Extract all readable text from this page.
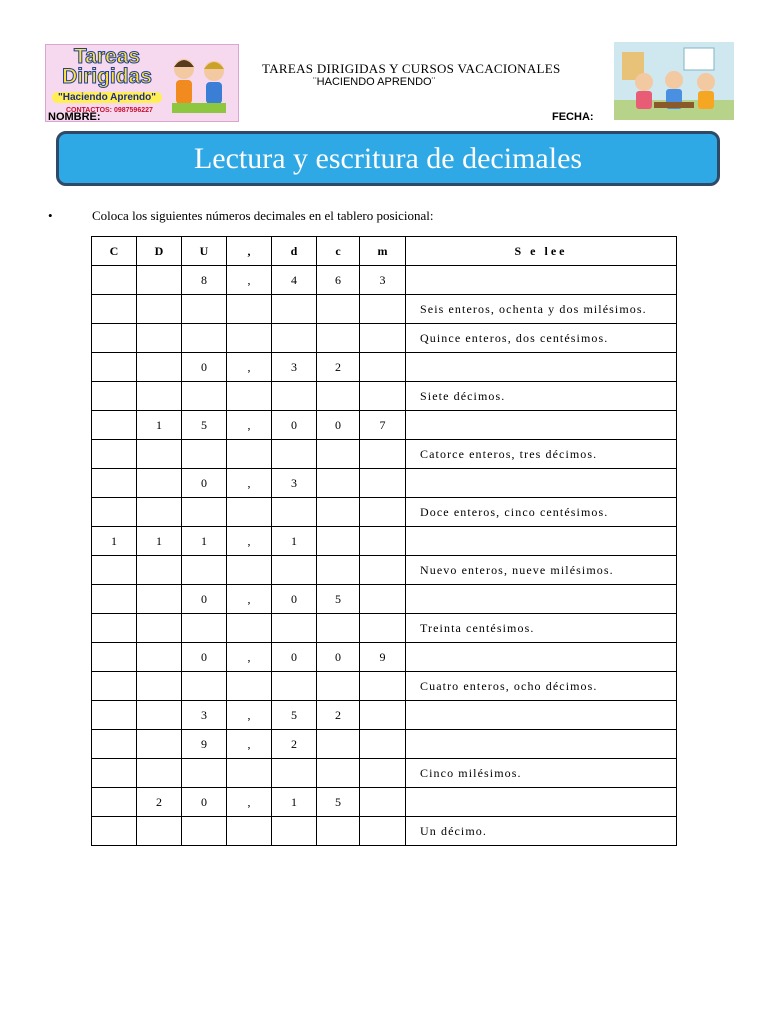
Tareas
Dirigidas
"Haciendo Aprendo"
CONTACTOS: 0987596227
TAREAS DIRIGIDAS Y CURSOS VACACIONALES
¨HACIENDO APRENDO¨
NOMBRE:	FECHA:
Lectura y escritura de decimales
•	Coloca los siguientes números decimales en el tablero posicional:
C	D	U	,	d	c	m	S e lee
		8	,	4	6	3	
							Seis enteros, ochenta y dos milésimos.
							Quince enteros, dos centésimos.
		0	,	3	2		
							Siete décimos.
	1	5	,	0	0	7	
							Catorce enteros, tres décimos.
		0	,	3			
							Doce enteros, cinco centésimos.
1	1	1	,	1			
							Nuevo enteros, nueve milésimos.
		0	,	0	5		
							Treinta centésimos.
		0	,	0	0	9	
							Cuatro enteros, ocho décimos.
		3	,	5	2		
		9	,	2			
							Cinco milésimos.
	2	0	,	1	5		
							Un décimo.
